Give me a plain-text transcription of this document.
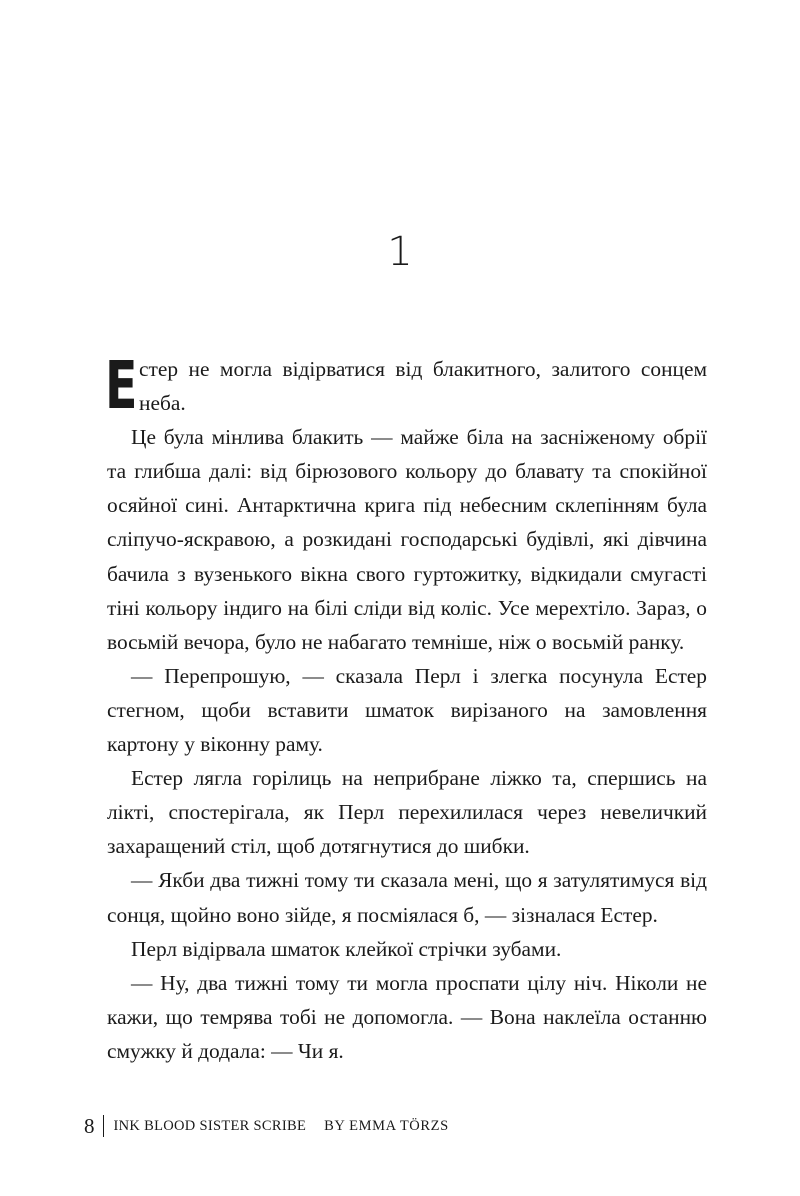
1

Естер не могла відірватися від блакитного, залитого сонцем неба.

Це була мінлива блакить — майже біла на засніженому обрії та глибша далі: від бірюзового кольору до блавату та спокійної осяйної сині. Антарктична крига під небесним склепінням була сліпучо-яскравою, а розкидані господарські будівлі, які дівчина бачила з вузенького вікна свого гуртожитку, відкидали смугасті тіні кольору індиго на білі сліди від коліс. Усе мерехтіло. Зараз, о восьмій вечора, було не набагато темніше, ніж о восьмій ранку.

— Перепрошую, — сказала Перл і злегка посунула Естер стегном, щоби вставити шматок вирізаного на замовлення картону у віконну раму.

Естер лягла горілиць на неприбране ліжко та, спершись на лікті, спостерігала, як Перл перехилилася через невеличкий захаращений стіл, щоб дотягнутися до шибки.

— Якби два тижні тому ти сказала мені, що я затулятимуся від сонця, щойно воно зійде, я посміялася б, — зізналася Естер.

Перл відірвала шматок клейкої стрічки зубами.

— Ну, два тижні тому ти могла проспати цілу ніч. Ніколи не кажи, що темрява тобі не допомогла. — Вона наклеїла останню смужку й додала: — Чи я.

8 INK BLOOD SISTER SCRIBE BY EMMA TÖRZS
